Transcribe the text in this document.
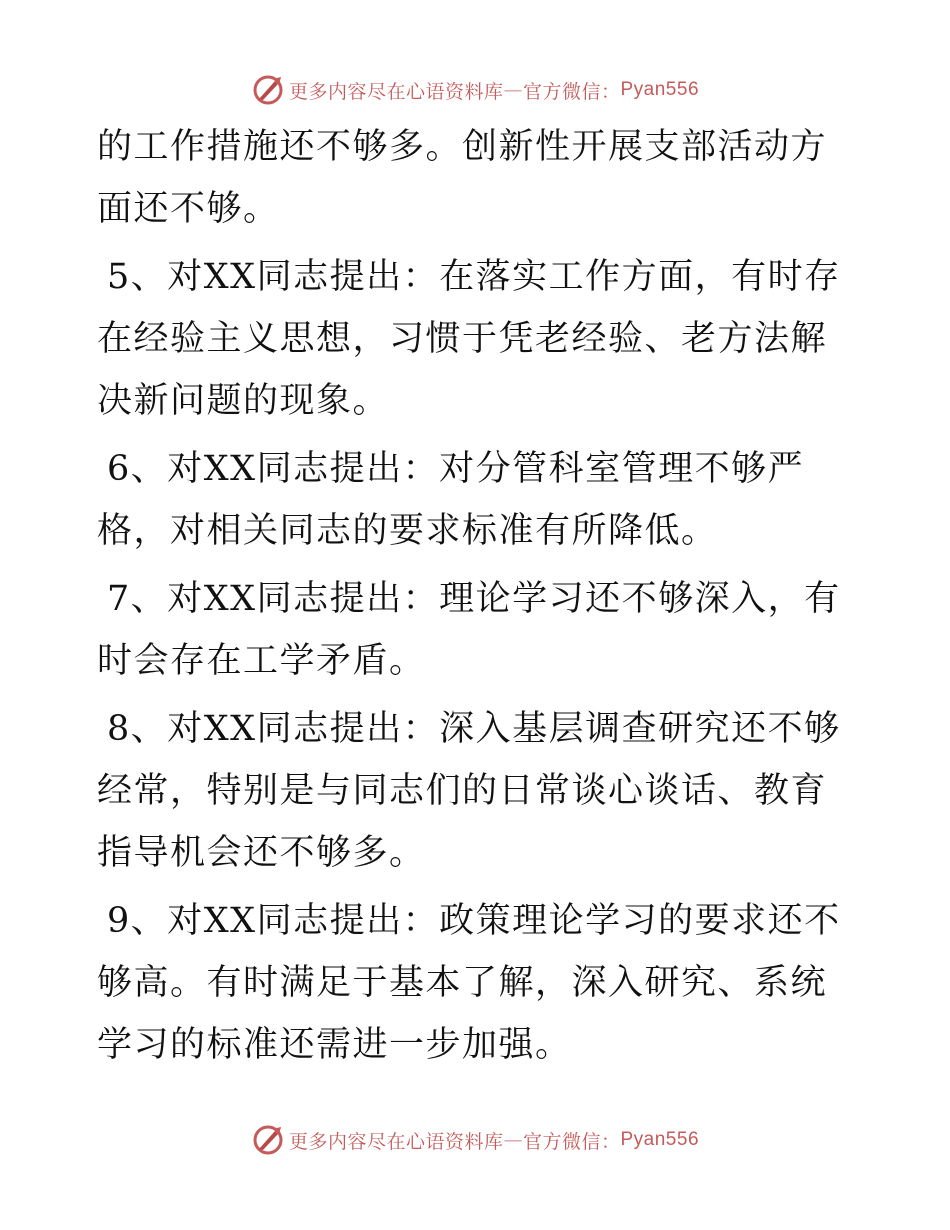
更多内容尽在心语资料库 — 官方微信： Pyan556

的工作措施还不够多。创新性开展支部活动方面还不够。

5、对XX同志提出：在落实工作方面，有时存在经验主义思想，习惯于凭老经验、老方法解决新问题的现象。

6、对XX同志提出：对分管科室管理不够严格，对相关同志的要求标准有所降低。

7、对XX同志提出：理论学习还不够深入，有时会存在工学矛盾。

8、对XX同志提出：深入基层调查研究还不够经常，特别是与同志们的日常谈心谈话、教育指导机会还不够多。

9、对XX同志提出：政策理论学习的要求还不够高。有时满足于基本了解，深入研究、系统学习的标准还需进一步加强。

更多内容尽在心语资料库 — 官方微信： Pyan556
